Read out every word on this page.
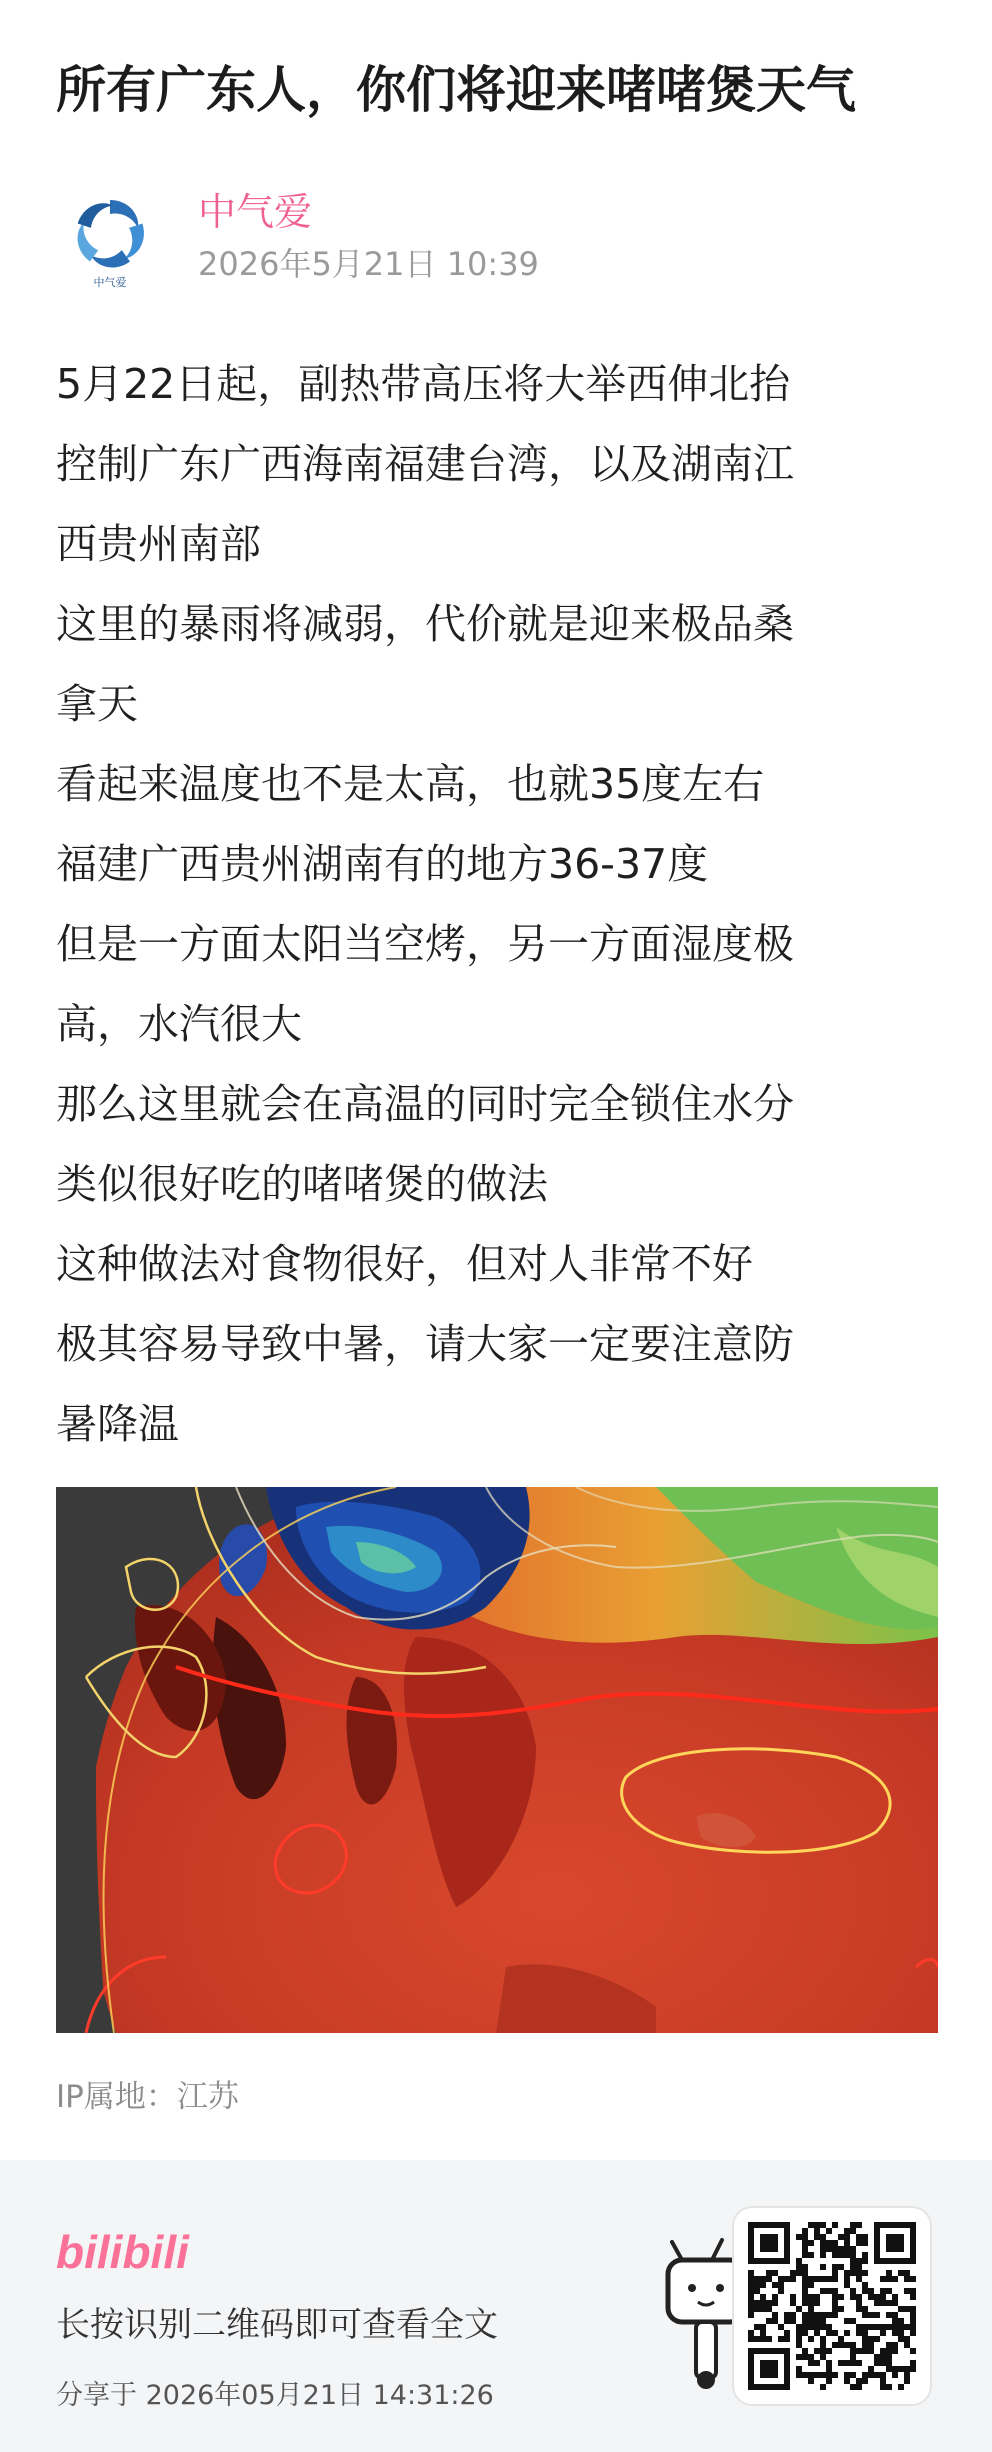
所有广东人，你们将迎来啫啫煲天气
中气爱
中气爱
2026年5月21日 10:39

5月22日起，副热带高压将大举西伸北抬

控制广东广西海南福建台湾，以及湖南江

西贵州南部

这里的暴雨将减弱，代价就是迎来极品桑

拿天

看起来温度也不是太高，也就35度左右

福建广西贵州湖南有的地方36-37度

但是一方面太阳当空烤，另一方面湿度极

高，水汽很大

那么这里就会在高温的同时完全锁住水分

类似很好吃的啫啫煲的做法

这种做法对食物很好，但对人非常不好

极其容易导致中暑，请大家一定要注意防

暑降温

IP属地：江苏
bilibili
长按识别二维码即可查看全文
分享于 2026年05月21日 14:31:26
